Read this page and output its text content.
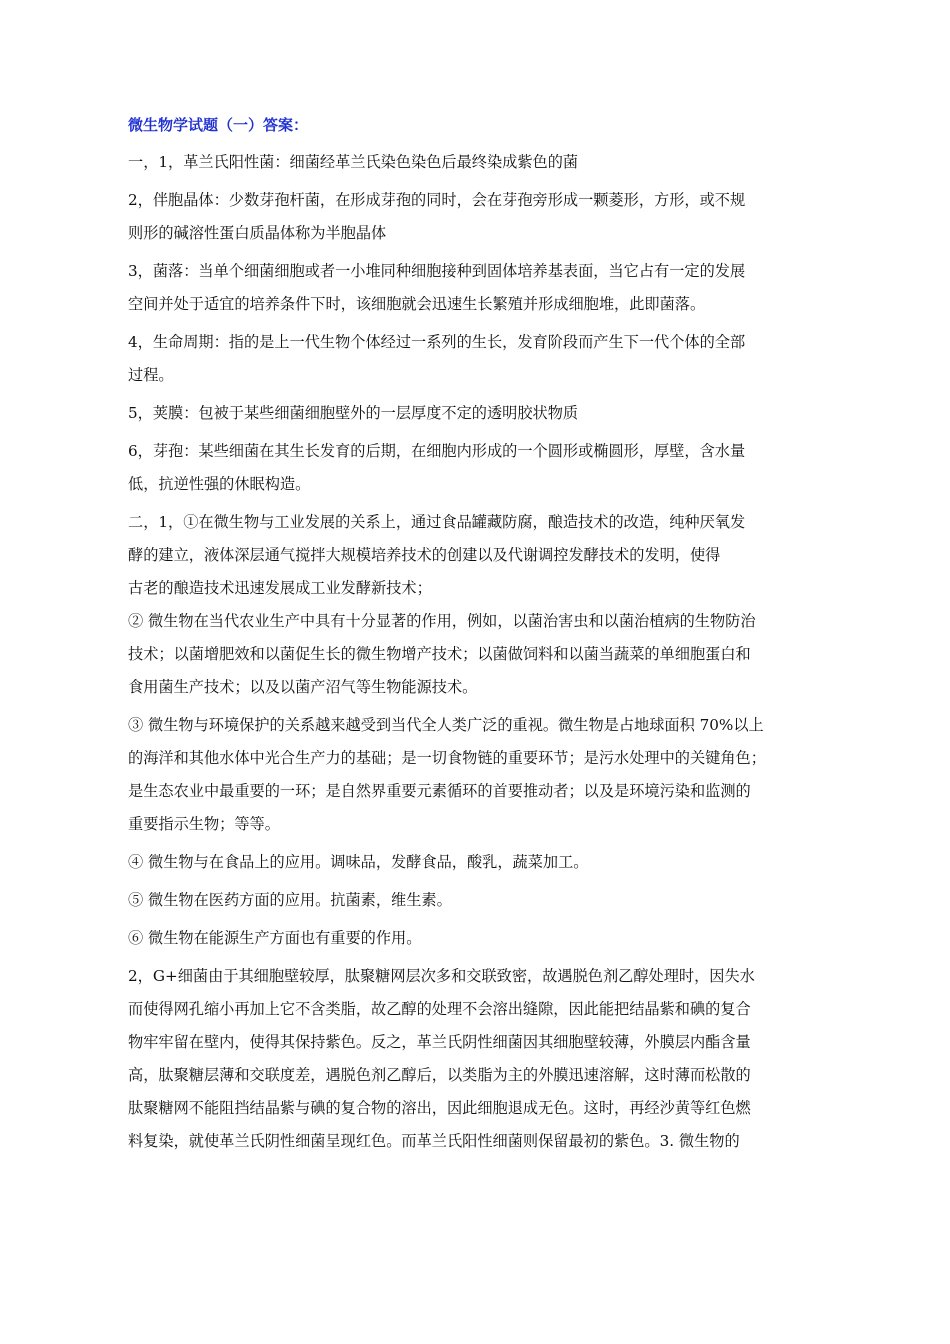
微生物学试题（一）答案：
一，1，革兰氏阳性菌：细菌经革兰氏染色染色后最终染成紫色的菌
2，伴胞晶体：少数芽孢杆菌，在形成芽孢的同时，会在芽孢旁形成一颗菱形，方形，或不规
则形的碱溶性蛋白质晶体称为半胞晶体
3，菌落：当单个细菌细胞或者一小堆同种细胞接种到固体培养基表面，当它占有一定的发展
空间并处于适宜的培养条件下时，该细胞就会迅速生长繁殖并形成细胞堆，此即菌落。
4，生命周期：指的是上一代生物个体经过一系列的生长，发育阶段而产生下一代个体的全部
过程。
5，荚膜：包被于某些细菌细胞壁外的一层厚度不定的透明胶状物质
6，芽孢：某些细菌在其生长发育的后期，在细胞内形成的一个圆形或椭圆形，厚壁，含水量
低，抗逆性强的休眠构造。
二，1，①在微生物与工业发展的关系上，通过食品罐藏防腐，酿造技术的改造，纯种厌氧发
酵的建立，液体深层通气搅拌大规模培养技术的创建以及代谢调控发酵技术的发明，使得
古老的酿造技术迅速发展成工业发酵新技术；
② 微生物在当代农业生产中具有十分显著的作用，例如，以菌治害虫和以菌治植病的生物防治
技术；以菌增肥效和以菌促生长的微生物增产技术；以菌做饲料和以菌当蔬菜的单细胞蛋白和
食用菌生产技术；以及以菌产沼气等生物能源技术。
③ 微生物与环境保护的关系越来越受到当代全人类广泛的重视。微生物是占地球面积 70%以上
的海洋和其他水体中光合生产力的基础；是一切食物链的重要环节；是污水处理中的关键角色；
是生态农业中最重要的一环；是自然界重要元素循环的首要推动者；以及是环境污染和监测的
重要指示生物；等等。
④ 微生物与在食品上的应用。调味品，发酵食品，酸乳，蔬菜加工。
⑤ 微生物在医药方面的应用。抗菌素，维生素。
⑥ 微生物在能源生产方面也有重要的作用。
2，G+细菌由于其细胞壁较厚，肽聚糖网层次多和交联致密，故遇脱色剂乙醇处理时，因失水
而使得网孔缩小再加上它不含类脂，故乙醇的处理不会溶出缝隙，因此能把结晶紫和碘的复合
物牢牢留在壁内，使得其保持紫色。反之，革兰氏阴性细菌因其细胞壁较薄，外膜层内酯含量
高，肽聚糖层薄和交联度差，遇脱色剂乙醇后，以类脂为主的外膜迅速溶解，这时薄而松散的
肽聚糖网不能阻挡结晶紫与碘的复合物的溶出，因此细胞退成无色。这时，再经沙黄等红色燃
料复染，就使革兰氏阴性细菌呈现红色。而革兰氏阳性细菌则保留最初的紫色。3. 微生物的
